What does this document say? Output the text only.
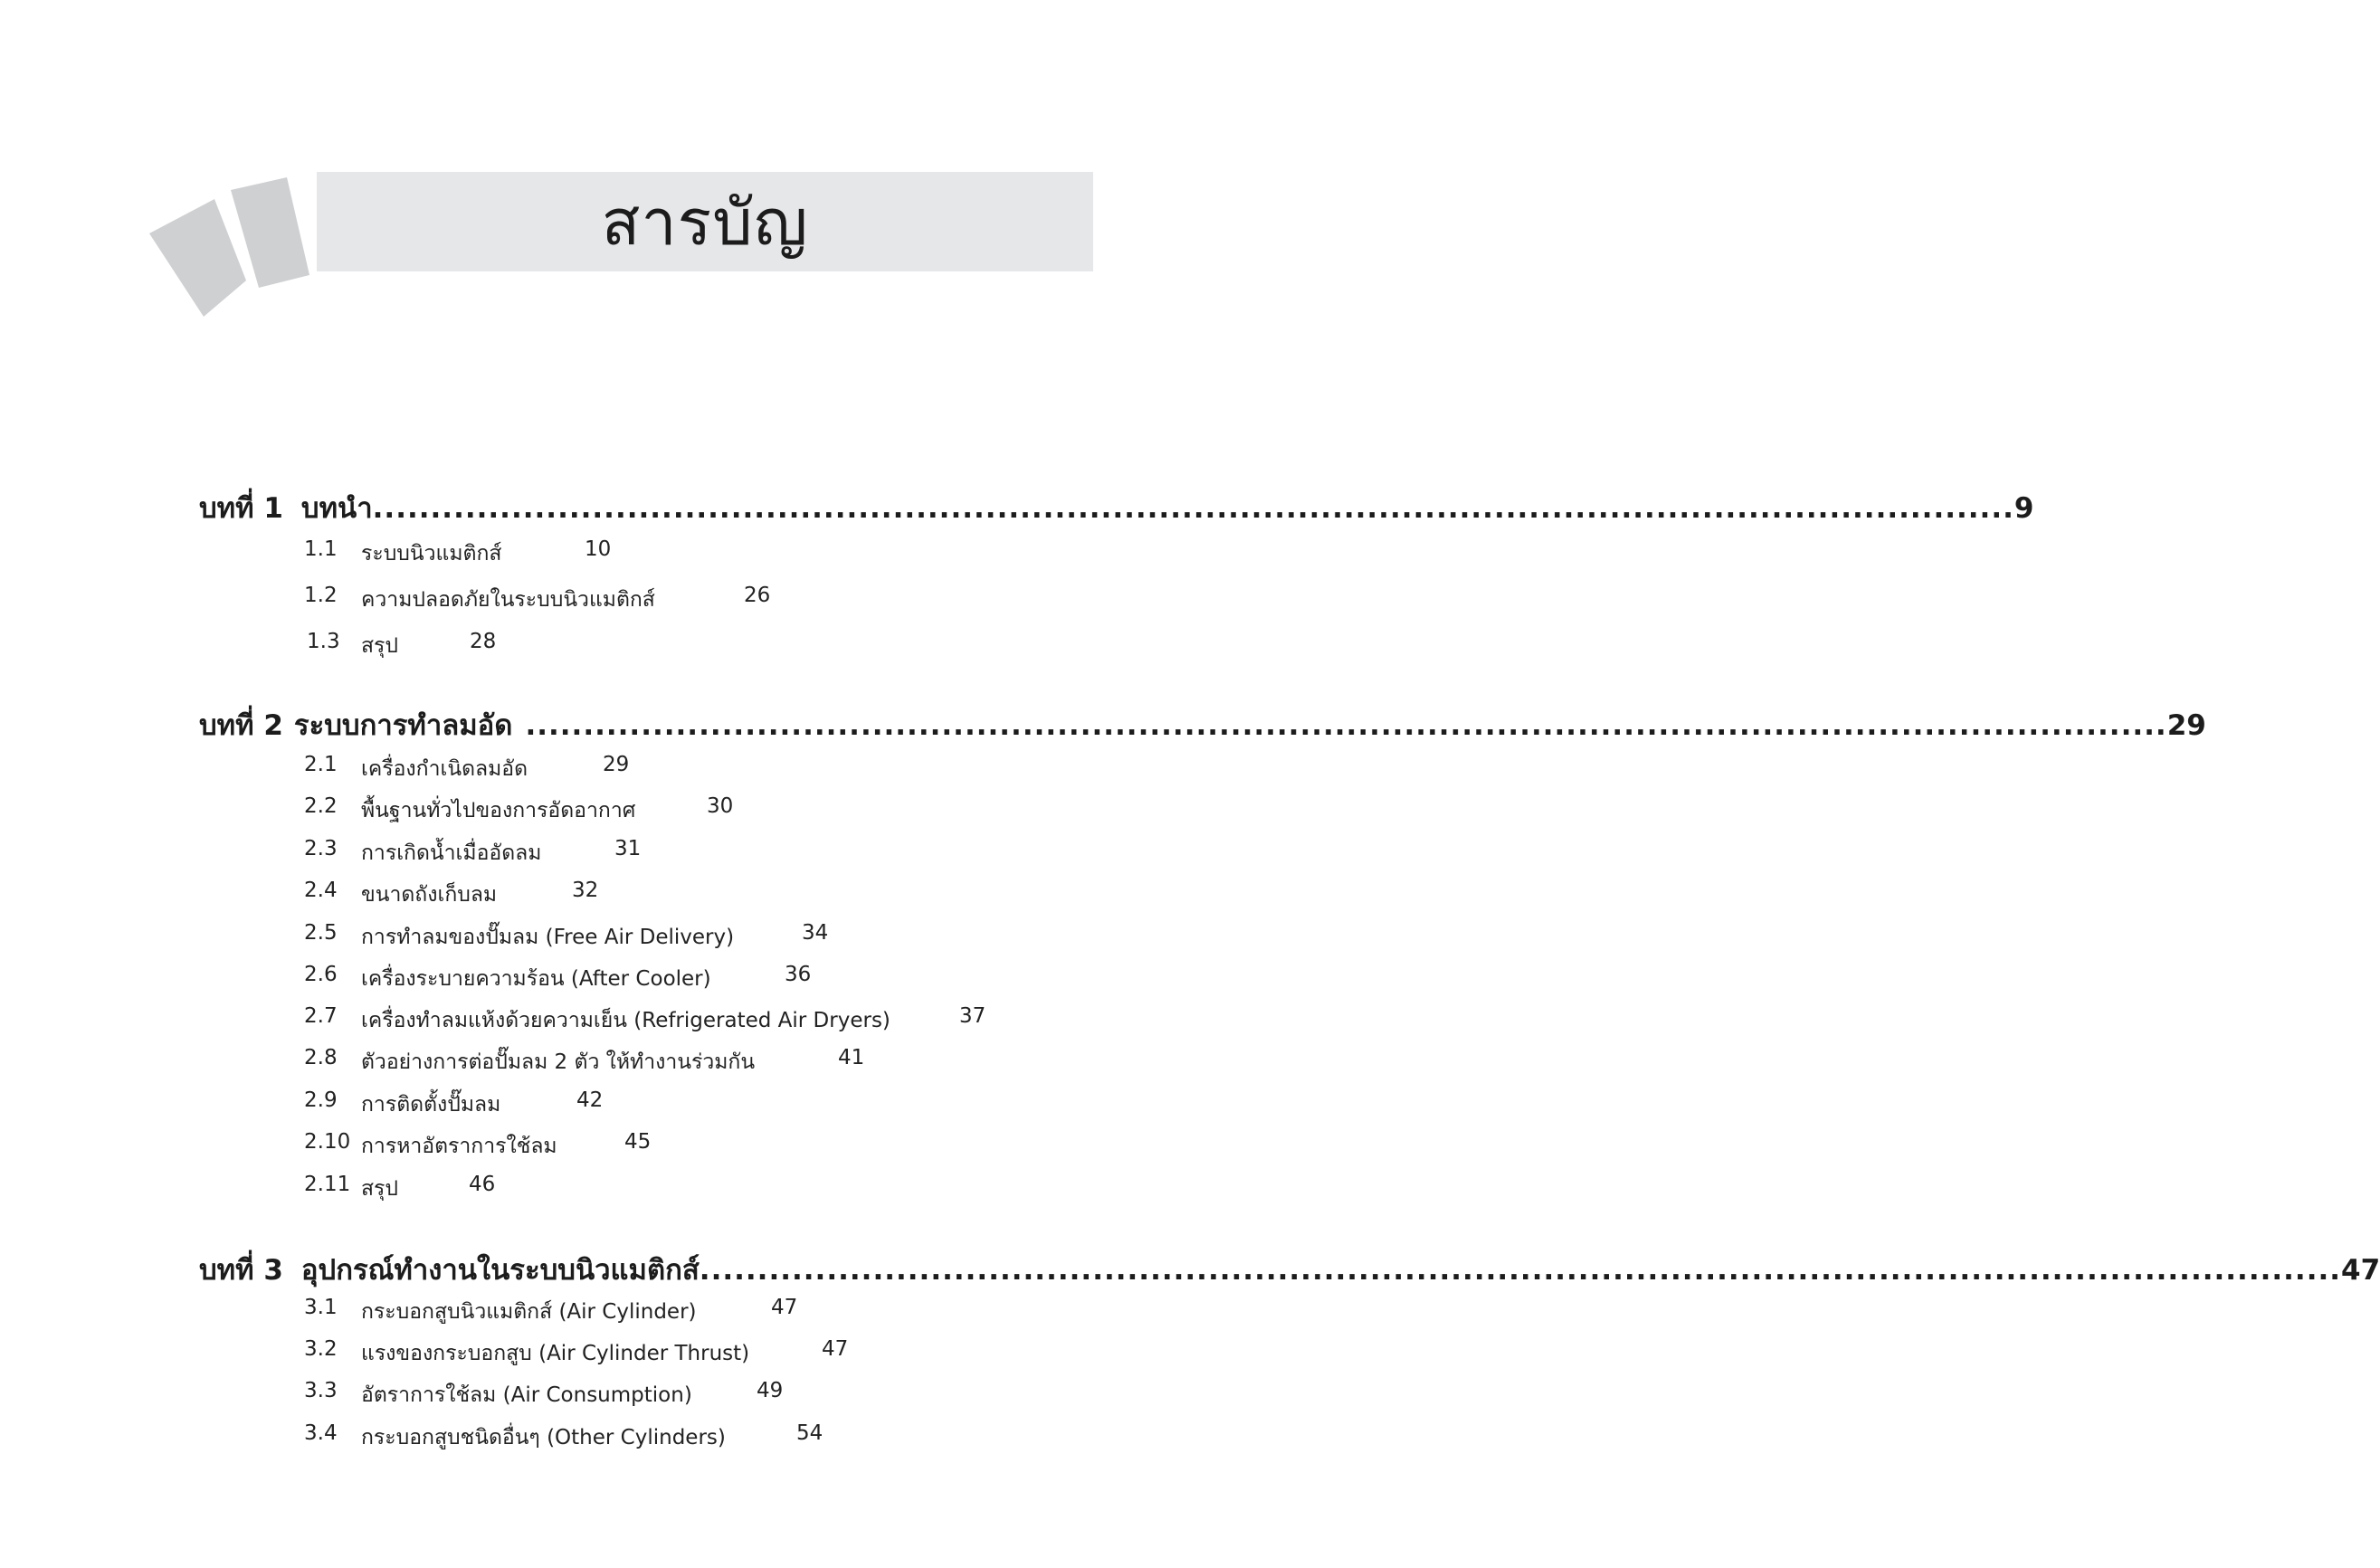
สารบัญ
บทที่ 1 บทนำ .............................................................................................................................................. 9
1.1 ระบบนิวแมติกส์	10
1.2 ความปลอดภัยในระบบนิวแมติกส์	26
1.3 สรุป	28
บทที่ 2 ระบบการทำลมอัด .............................................................................................................................................. 29
2.1 เครื่องกำเนิดลมอัด	29
2.2 พื้นฐานทั่วไปของการอัดอากาศ	30
2.3 การเกิดน้ำเมื่ออัดลม	31
2.4 ขนาดถังเก็บลม	32
2.5 การทำลมของปั๊มลม (Free Air Delivery)	34
2.6 เครื่องระบายความร้อน (After Cooler)	36
2.7 เครื่องทำลมแห้งด้วยความเย็น (Refrigerated Air Dryers)	37
2.8 ตัวอย่างการต่อปั๊มลม 2 ตัว ให้ทำงานร่วมกัน	41
2.9 การติดตั้งปั๊มลม	42
2.10 การหาอัตราการใช้ลม	45
2.11 สรุป	46
บทที่ 3 อุปกรณ์ทำงานในระบบนิวแมติกส์ .............................................................................................................................................. 47
3.1 กระบอกสูบนิวแมติกส์ (Air Cylinder)	47
3.2 แรงของกระบอกสูบ (Air Cylinder Thrust)	47
3.3 อัตราการใช้ลม (Air Consumption)	49
3.4 กระบอกสูบชนิดอื่นๆ (Other Cylinders)	54
